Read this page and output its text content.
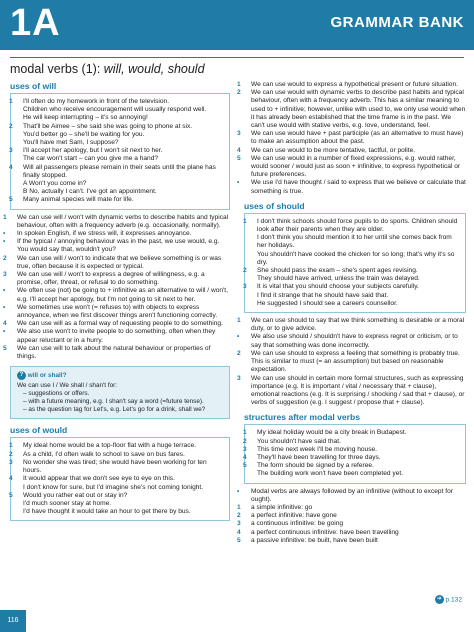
1A	GRAMMAR BANK
modal verbs (1): will, would, should
uses of will
1 I'll often do my homework in front of the television.
Children who receive encouragement will usually respond well.
He will keep interrupting – it's so annoying!
2 That'll be Aimee – she said she was going to phone at six.
You'd better go – she'll be waiting for you.
You'll have met Sam, I suppose?
3 I'll accept her apology, but I won't sit next to her.
The car won't start – can you give me a hand?
4 Will all passengers please remain in their seats until the plane has finally stopped.
A Won't you come in?
B No, actually I can't. I've got an appointment.
5 Many animal species will mate for life.
1 We can use will / won't with dynamic verbs to describe habits and typical behaviour, often with a frequency adverb (e.g. occasionally, normally).
• In spoken English, if we stress will, it expresses annoyance.
• If the typical / annoying behaviour was in the past, we use would, e.g. You would say that, wouldn't you?
2 We can use will / won't to indicate that we believe something is or was true, often because it is expected or typical.
3 We can use will / won't to express a degree of willingness, e.g. a promise, offer, threat, or refusal to do something.
• We often use (not) be going to + infinitive as an alternative to will / won't, e.g. I'll accept her apology, but I'm not going to sit next to her.
• We sometimes use won't (= refuses to) with objects to express annoyance, when we first discover things aren't functioning correctly.
4 We can use will as a formal way of requesting people to do something.
• We also use won't to invite people to do something, often when they appear reluctant or in a hurry.
5 We can use will to talk about the natural behaviour or properties of things.
? will or shall?
We can use I / We shall / shan't for:
– suggestions or offers.
– with a future meaning, e.g. I shan't say a word (=future tense).
– as the question tag for Let's, e.g. Let's go for a drink, shall we?
uses of would
1 My ideal home would be a top-floor flat with a huge terrace.
2 As a child, I'd often walk to school to save on bus fares.
3 No wonder she was tired; she would have been working for ten hours.
4 It would appear that we don't see eye to eye on this.
I don't know for sure, but I'd imagine she's not coming tonight.
5 Would you rather eat out or stay in?
I'd much sooner stay at home.
I'd have thought it would take an hour to get there by bus.
1 We can use would to express a hypothetical present or future situation.
2 We can use would with dynamic verbs to describe past habits and typical behaviour, often with a frequency adverb. This has a similar meaning to used to + infinitive; however, unlike with used to, we only use would when it has already been established that the time frame is in the past. We can't use would with stative verbs, e.g. love, understand, feel.
3 We can use would have + past participle (as an alternative to must have) to make an assumption about the past.
4 We can use would to be more tentative, tactful, or polite.
5 We can use would in a number of fixed expressions, e.g. would rather, would sooner / would just as soon + infinitive, to express hypothetical or future preferences.
• We use I'd have thought / said to express that we believe or calculate that something is true.
uses of should
1 I don't think schools should force pupils to do sports. Children should look after their parents when they are older.
I don't think you should mention it to her until she comes back from her holidays.
You shouldn't have cooked the chicken for so long; that's why it's so dry.
2 She should pass the exam – she's spent ages revising.
They should have arrived, unless the train was delayed.
3 It is vital that you should choose your subjects carefully.
I find it strange that he should have said that.
He suggested I should see a careers counsellor.
1 We can use should to say that we think something is desirable or a moral duty, or to give advice.
• We also use should / shouldn't have to express regret or criticism, or to say that something was done incorrectly.
2 We can use should to express a feeling that something is probably true. This is similar to must (= an assumption) but based on reasonable expectation.
3 We can use should in certain more formal structures, such as expressing importance (e.g. It is important / vital / necessary that + clause), emotional reactions (e.g. It is surprising / shocking / sad that + clause), or verbs of suggestion (e.g. I suggest / propose that + clause).
structures after modal verbs
1 My ideal holiday would be a city break in Budapest.
2 You shouldn't have said that.
3 This time next week I'll be moving house.
4 They'll have been travelling for three days.
5 The form should be signed by a referee.
The building work won't have been completed yet.
• Modal verbs are always followed by an infinitive (without to except for ought).
1 a simple infinitive: go
2 a perfect infinitive: have gone
3 a continuous infinitive: be going
4 a perfect continuous infinitive: have been travelling
5 a passive infinitive: be built, have been built
➜ p.132
116
